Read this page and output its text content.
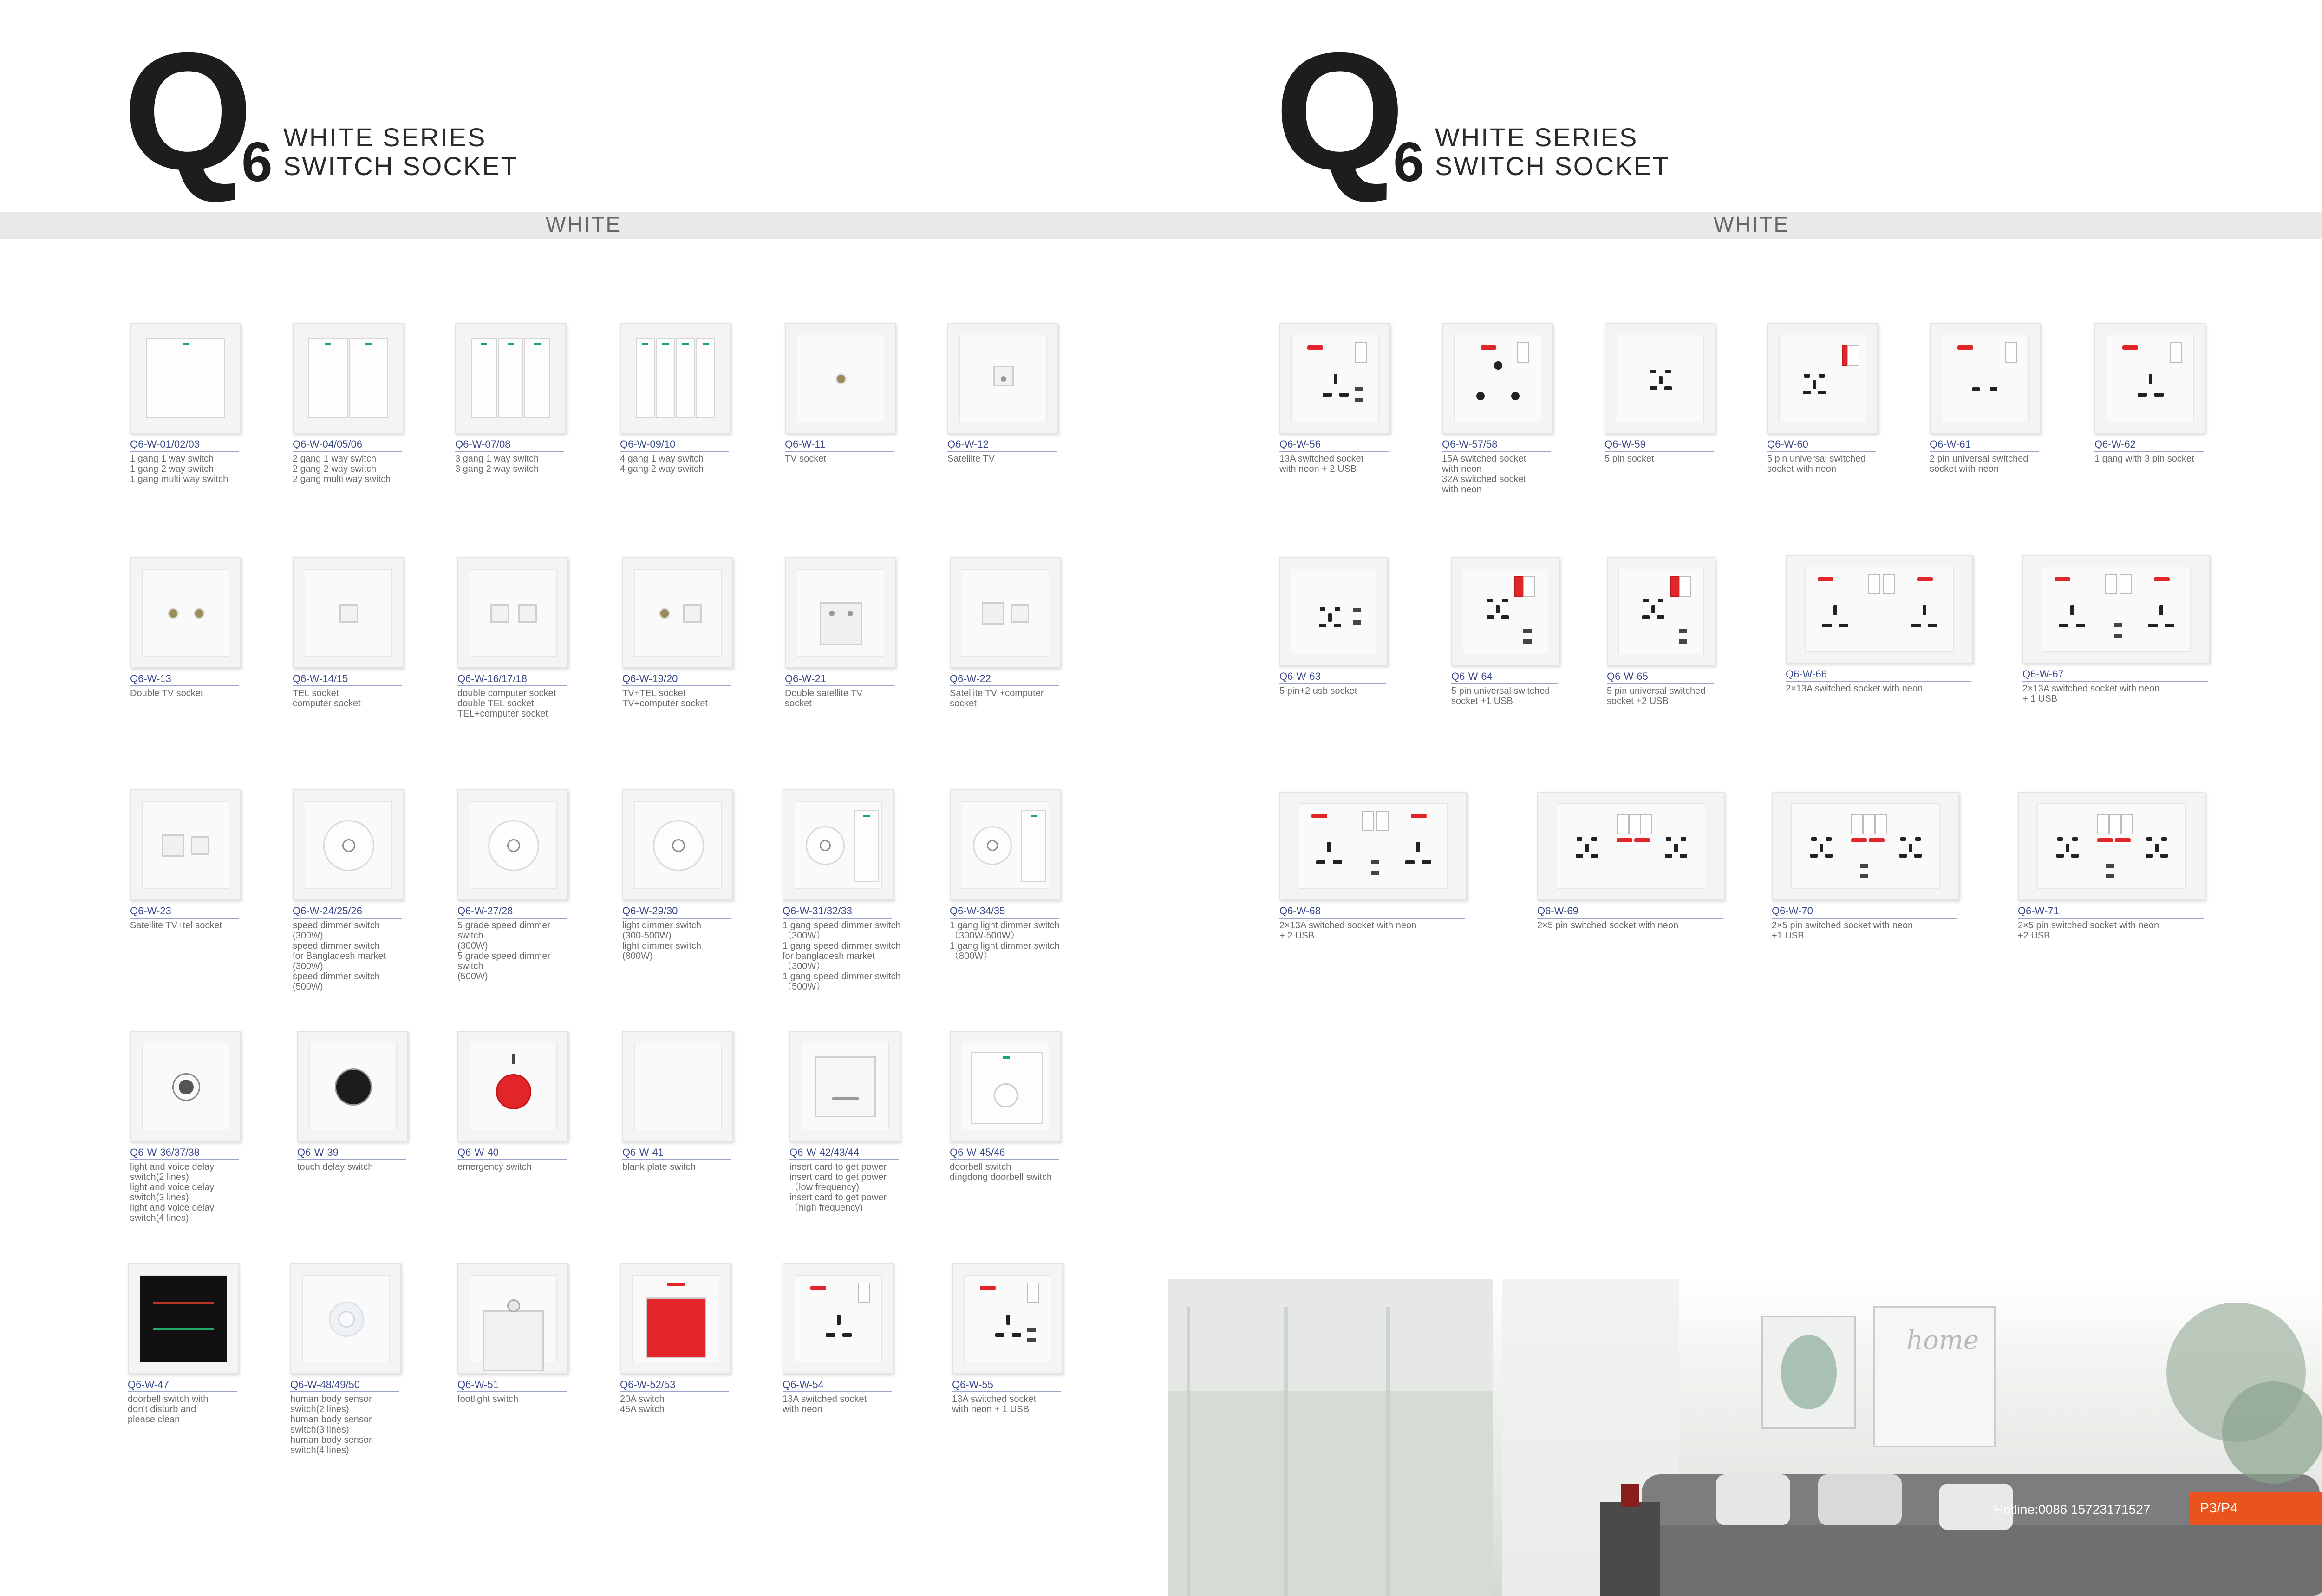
Q
6 WHITE SERIES
SWITCH SOCKET	Q
6 WHITE SERIES
SWITCH SOCKET
WHITE	WHITE
Q6-W-01/02/03
1 gang 1 way switch
1 gang 2 way switch
1 gang multi way switch
Q6-W-04/05/06
2 gang 1 way switch
2 gang 2 way switch
2 gang multi way switch
Q6-W-07/08
3 gang 1 way switch
3 gang 2 way switch
Q6-W-09/10
4 gang 1 way switch
4 gang 2 way switch
Q6-W-11
TV socket
Q6-W-12
Satellite TV
Q6-W-13
Double TV socket
Q6-W-14/15
TEL socket
computer socket
Q6-W-16/17/18
double computer socket
double TEL socket
TEL+computer socket
Q6-W-19/20
TV+TEL socket
TV+computer socket
Q6-W-21
Double satellite TV
socket
Q6-W-22
Satellite TV +computer
socket
Q6-W-23
Satellite TV+tel socket
Q6-W-24/25/26
speed dimmer switch
(300W)
speed dimmer switch
for Bangladesh market
(300W)
speed dimmer switch
(500W)
Q6-W-27/28
5 grade speed dimmer
switch
(300W)
5 grade speed dimmer
switch
(500W)
Q6-W-29/30
light dimmer switch
(300-500W)
light dimmer switch
(800W)
Q6-W-31/32/33
1 gang speed dimmer switch
（300W）
1 gang speed dimmer switch
for bangladesh market
（300W）
1 gang speed dimmer switch
（500W）
Q6-W-34/35
1 gang light dimmer switch
（300W-500W）
1 gang light dimmer switch
（800W）
Q6-W-36/37/38
light and voice delay
switch(2 lines)
light and voice delay
switch(3 lines)
light and voice delay
switch(4 lines)
Q6-W-39
touch delay switch
Q6-W-40
emergency switch
Q6-W-41
blank plate switch
Q6-W-42/43/44
insert card to get power
insert card to get power
（low frequency)
insert card to get power
（high frequency)
Q6-W-45/46
doorbell switch
dingdong doorbell switch
Q6-W-47
doorbell switch with
don't disturb and
please clean
Q6-W-48/49/50
human body sensor
switch(2 lines)
human body sensor
switch(3 lines)
human body sensor
switch(4 lines)
Q6-W-51
footlight switch
Q6-W-52/53
20A switch
45A switch
Q6-W-54
13A switched socket
with neon
Q6-W-55
13A switched socket
with neon + 1 USB
Q6-W-56
13A switched socket
with neon + 2 USB
Q6-W-57/58
15A switched socket
with neon
32A switched socket
with neon
Q6-W-59
5 pin socket
Q6-W-60
5 pin universal switched
socket with neon
Q6-W-61
2 pin universal switched
socket with neon
Q6-W-62
1 gang with 3 pin socket
Q6-W-63
5 pin+2 usb socket
Q6-W-64
5 pin universal switched
socket +1 USB
Q6-W-65
5 pin universal switched
socket +2 USB
Q6-W-66
2×13A switched socket with neon
Q6-W-67
2×13A switched socket with neon
+ 1 USB
Q6-W-68
2×13A switched socket with neon
+ 2 USB
Q6-W-69
2×5 pin switched socket with neon
Q6-W-70
2×5 pin switched socket with neon
+1 USB
Q6-W-71
2×5 pin switched socket with neon
+2 USB
home
Hotline:0086 15723171527	P3/P4
